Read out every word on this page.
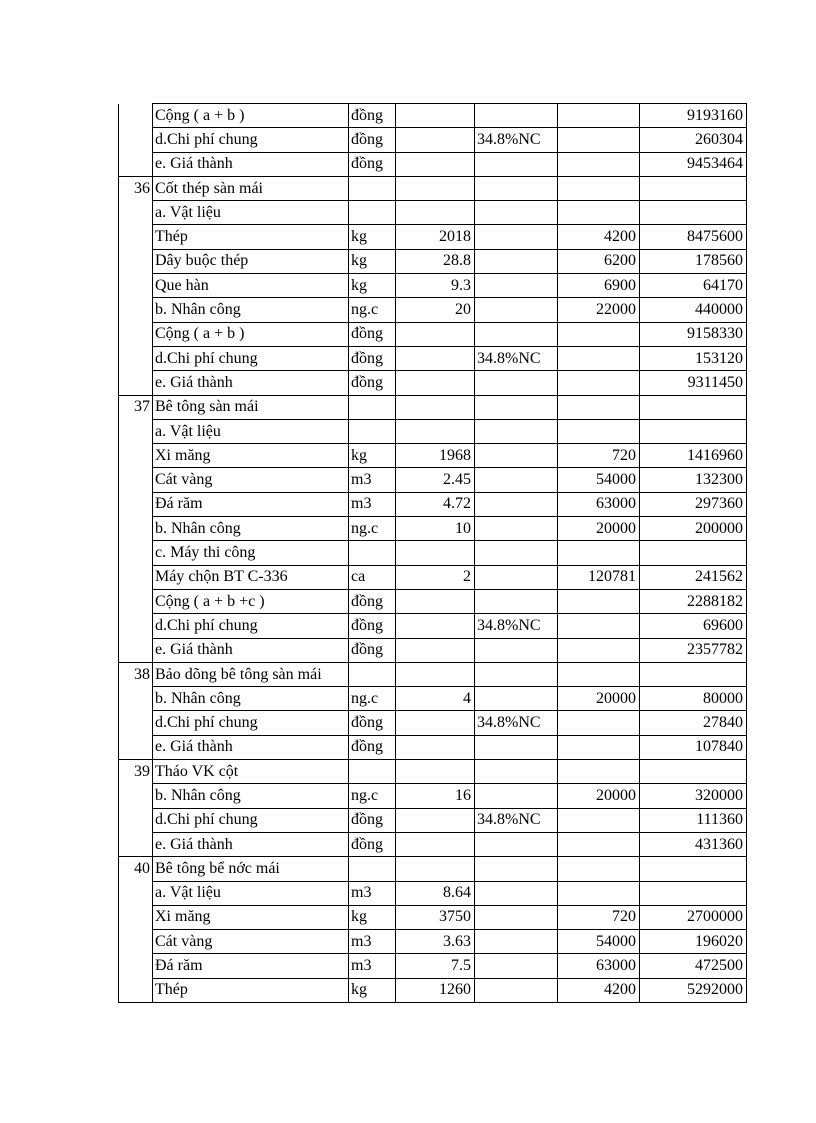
	Cộng ( a + b )	đồng				9193160
	d.Chi phí chung	đồng		34.8%NC		260304
	e. Giá thành	đồng				9453464
36	Cốt thép sàn mái					
	a. Vật liệu					
	Thép	kg	2018		4200	8475600
	Dây buộc thép	kg	28.8		6200	178560
	Que hàn	kg	9.3		6900	64170
	b. Nhân công	ng.c	20		22000	440000
	Cộng ( a + b )	đồng				9158330
	d.Chi phí chung	đồng		34.8%NC		153120
	e. Giá thành	đồng				9311450
37	Bê tông sàn mái					
	a. Vật liệu					
	Xi măng	kg	1968		720	1416960
	Cát vàng	m3	2.45		54000	132300
	Đá răm	m3	4.72		63000	297360
	b. Nhân công	ng.c	10		20000	200000
	c. Máy thi công					
	Máy chộn BT C-336	ca	2		120781	241562
	Cộng ( a + b +c )	đồng				2288182
	d.Chi phí chung	đồng		34.8%NC		69600
	e. Giá thành	đồng				2357782
38	Bảo dõng bê tông sàn mái					
	b. Nhân công	ng.c	4		20000	80000
	d.Chi phí chung	đồng		34.8%NC		27840
	e. Giá thành	đồng				107840
39	Tháo VK cột					
	b. Nhân công	ng.c	16		20000	320000
	d.Chi phí chung	đồng		34.8%NC		111360
	e. Giá thành	đồng				431360
40	Bê tông bể nớc mái					
	a. Vật liệu	m3	8.64			
	Xi măng	kg	3750		720	2700000
	Cát vàng	m3	3.63		54000	196020
	Đá răm	m3	7.5		63000	472500
	Thép	kg	1260		4200	5292000
